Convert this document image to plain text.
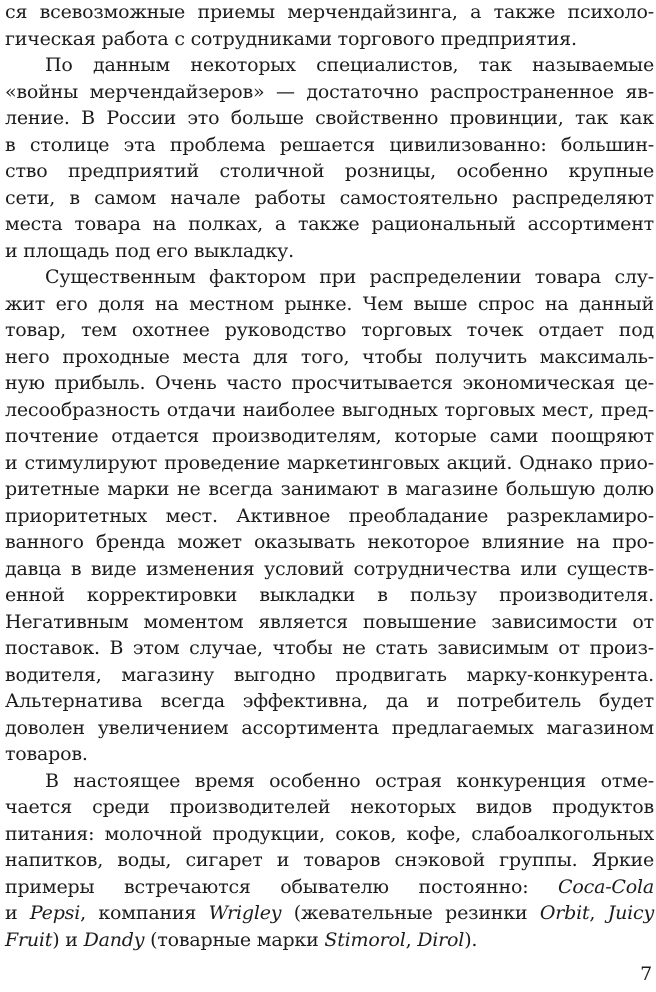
ся всевозможные приемы мерчендайзинга, а также психоло-
гическая работа с сотрудниками торгового предприятия.

По данным некоторых специалистов, так называемые
«войны мерчендайзеров» — достаточно распространенное яв-
ление. В России это больше свойственно провинции, так как
в столице эта проблема решается цивилизованно: большин-
ство предприятий столичной розницы, особенно крупные
сети, в самом начале работы самостоятельно распределяют
места товара на полках, а также рациональный ассортимент
и площадь под его выкладку.

Существенным фактором при распределении товара слу-
жит его доля на местном рынке. Чем выше спрос на данный
товар, тем охотнее руководство торговых точек отдает под
него проходные места для того, чтобы получить максималь-
ную прибыль. Очень часто просчитывается экономическая це-
лесообразность отдачи наиболее выгодных торговых мест, пред-
почтение отдается производителям, которые сами поощряют
и стимулируют проведение маркетинговых акций. Однако прио-
ритетные марки не всегда занимают в магазине большую долю
приоритетных мест. Активное преобладание разрекламиро-
ванного бренда может оказывать некоторое влияние на про-
давца в виде изменения условий сотрудничества или существ-
енной корректировки выкладки в пользу производителя.
Негативным моментом является повышение зависимости от
поставок. В этом случае, чтобы не стать зависимым от произ-
водителя, магазину выгодно продвигать марку-конкурента.
Альтернатива всегда эффективна, да и потребитель будет
доволен увеличением ассортимента предлагаемых магазином
товаров.

В настоящее время особенно острая конкуренция отме-
чается среди производителей некоторых видов продуктов
питания: молочной продукции, соков, кофе, слабоалкогольных
напитков, воды, сигарет и товаров снэковой группы. Яркие
примеры встречаются обывателю постоянно: Coca-Cola
и Pepsi, компания Wrigley (жевательные резинки Orbit, Juicy
Fruit) и Dandy (товарные марки Stimorol, Dirol).

7
